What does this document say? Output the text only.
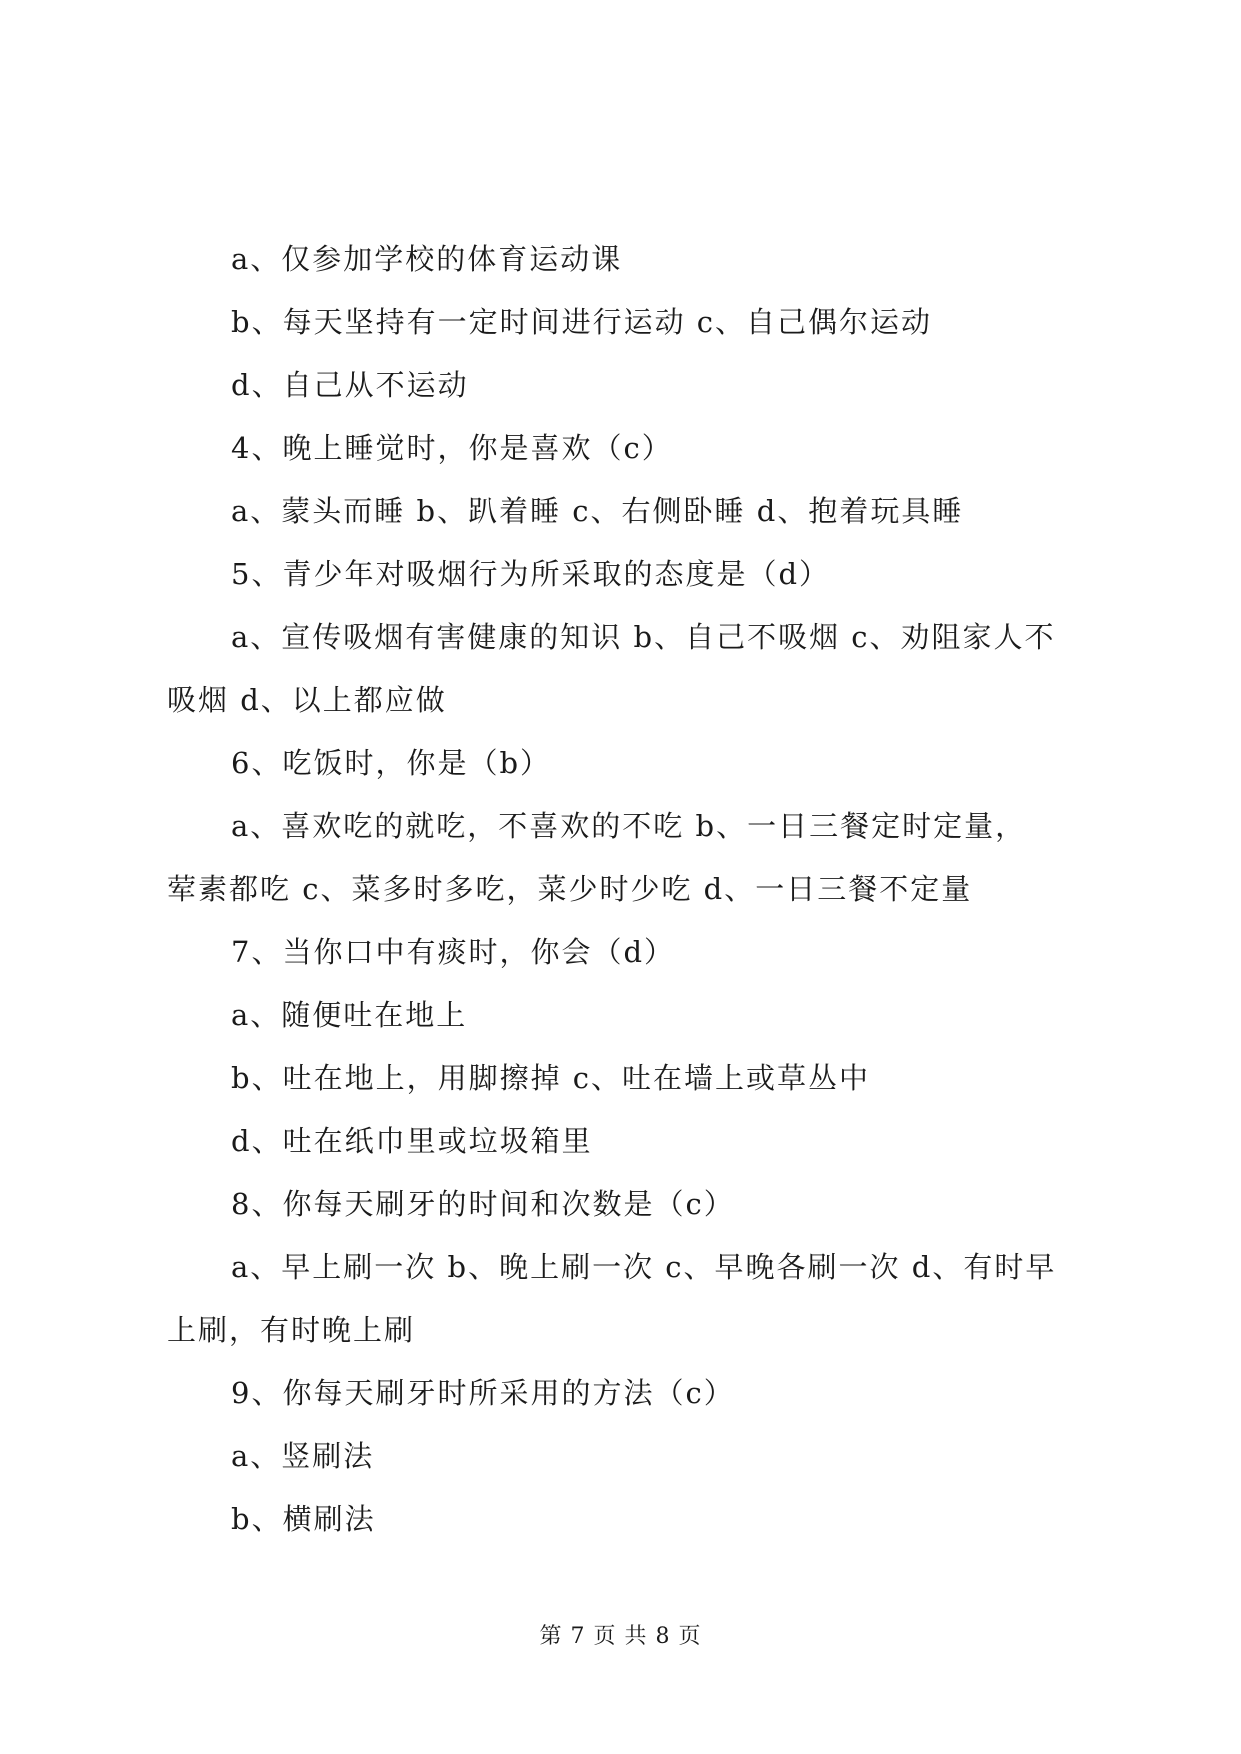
a、仅参加学校的体育运动课
b、每天坚持有一定时间进行运动 c、自己偶尔运动
d、自己从不运动
4、晚上睡觉时，你是喜欢（c）
a、蒙头而睡 b、趴着睡 c、右侧卧睡 d、抱着玩具睡
5、青少年对吸烟行为所采取的态度是（d）
a、宣传吸烟有害健康的知识 b、自己不吸烟 c、劝阻家人不
吸烟 d、以上都应做
6、吃饭时，你是（b）
a、喜欢吃的就吃，不喜欢的不吃 b、一日三餐定时定量，
荤素都吃 c、菜多时多吃，菜少时少吃 d、一日三餐不定量
7、当你口中有痰时，你会（d）
a、随便吐在地上
b、吐在地上，用脚擦掉 c、吐在墙上或草丛中
d、吐在纸巾里或垃圾箱里
8、你每天刷牙的时间和次数是（c）
a、早上刷一次 b、晚上刷一次 c、早晚各刷一次 d、有时早
上刷，有时晚上刷
9、你每天刷牙时所采用的方法（c）
a、竖刷法
b、横刷法
第 7 页 共 8 页
